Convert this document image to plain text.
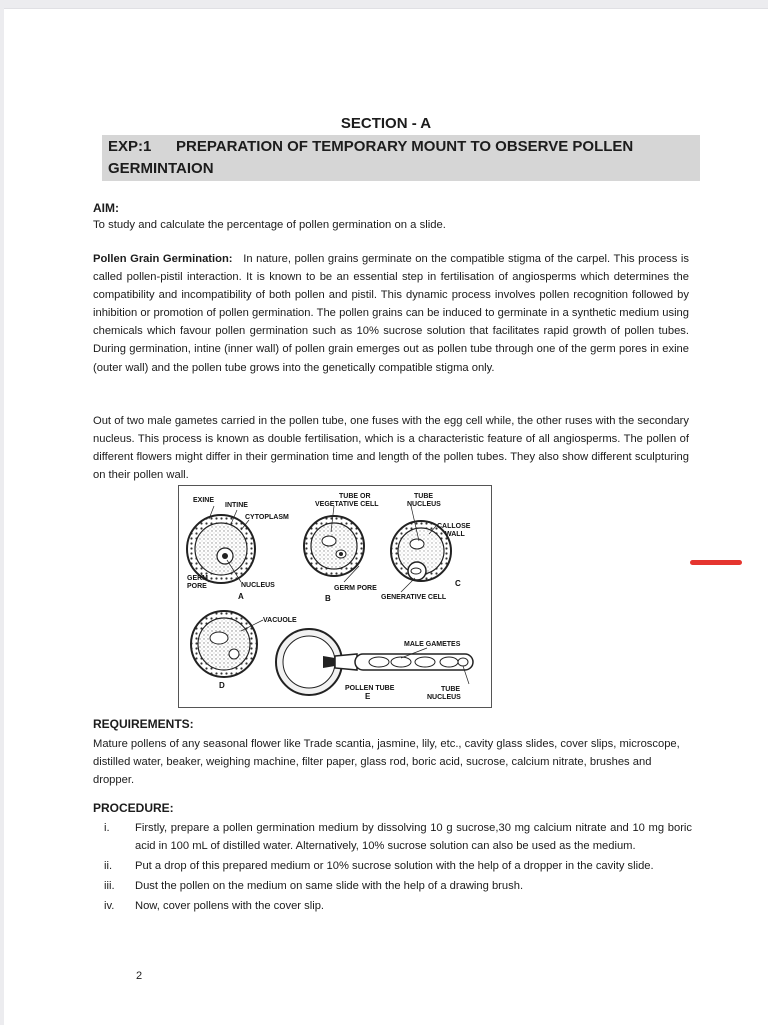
SECTION - A
EXP:1 PREPARATION OF TEMPORARY MOUNT TO OBSERVE POLLEN
GERMINTAION
AIM:
To study and calculate the percentage of pollen germination on a slide.
Pollen Grain Germination: In nature, pollen grains germinate on the compatible stigma of the carpel. This process is called pollen-pistil interaction. It is known to be an essential step in fertilisation of angiosperms which determines the compatibility and incompatibility of both pollen and pistil. This dynamic process involves pollen recognition followed by inhibition or promotion of pollen germination. The pollen grains can be induced to germinate in a synthetic medium using chemicals which favour pollen germination such as 10% sucrose solution that facilitates rapid growth of pollen tubes. During germination, intine (inner wall) of pollen grain emerges out as pollen tube through one of the germ pores in exine (outer wall) and the pollen tube grows into the genetically compatible stigma only.
Out of two male gametes carried in the pollen tube, one fuses with the egg cell while, the other ruses with the secondary nucleus. This process is known as double fertilisation, which is a characteristic feature of all angiosperms. The pollen of different flowers might differ in their germination time and length of the pollen tubes. They also show different sculpturing on their pollen wall.
EXINE
INTINE
CYTOPLASM
TUBE OR
VEGETATIVE CELL
TUBE
NUCLEUS
CALLOSE
WALL
GERM
PORE	NUCLEUS
A
GERM PORE
B
C
GENERATIVE CELL
VACUOLE
MALE GAMETES
D	POLLEN TUBE
E
TUBE
NUCLEUS
REQUIREMENTS:
Mature pollens of any seasonal flower like Trade scantia, jasmine, lily, etc., cavity glass slides, cover slips, microscope, distilled water, beaker, weighing machine, filter paper, glass rod, boric acid, sucrose, calcium nitrate, brushes and dropper.
PROCEDURE:
i.	Firstly, prepare a pollen germination medium by dissolving 10 g sucrose,30 mg calcium nitrate and 10 mg boric acid in 100 mL of distilled water. Alternatively, 10% sucrose solution can also be used as the medium.
ii.	Put a drop of this prepared medium or 10% sucrose solution with the help of a dropper in the cavity slide.
iii.	Dust the pollen on the medium on same slide with the help of a drawing brush.
iv.	Now, cover pollens with the cover slip.
2
